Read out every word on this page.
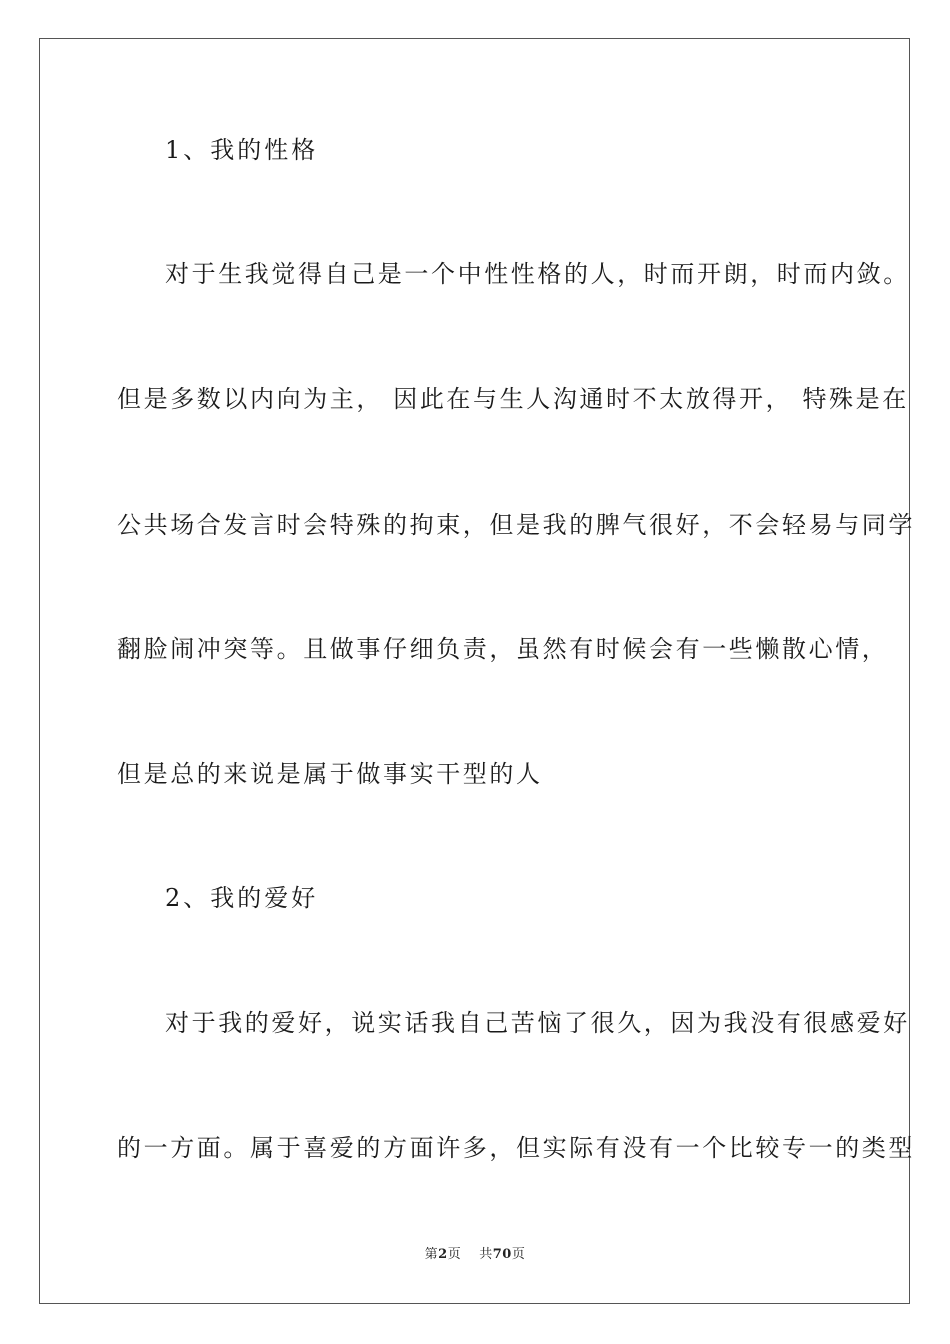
1、我的性格
对于生我觉得自己是一个中性性格的人，时而开朗，时而内敛。
但是多数以内向为主， 因此在与生人沟通时不太放得开， 特殊是在
公共场合发言时会特殊的拘束，但是我的脾气很好，不会轻易与同学
翻脸闹冲突等。且做事仔细负责，虽然有时候会有一些懒散心情，
但是总的来说是属于做事实干型的人
2、我的爱好
对于我的爱好，说实话我自己苦恼了很久，因为我没有很感爱好
的一方面。属于喜爱的方面许多，但实际有没有一个比较专一的类型
第2页 共70页
